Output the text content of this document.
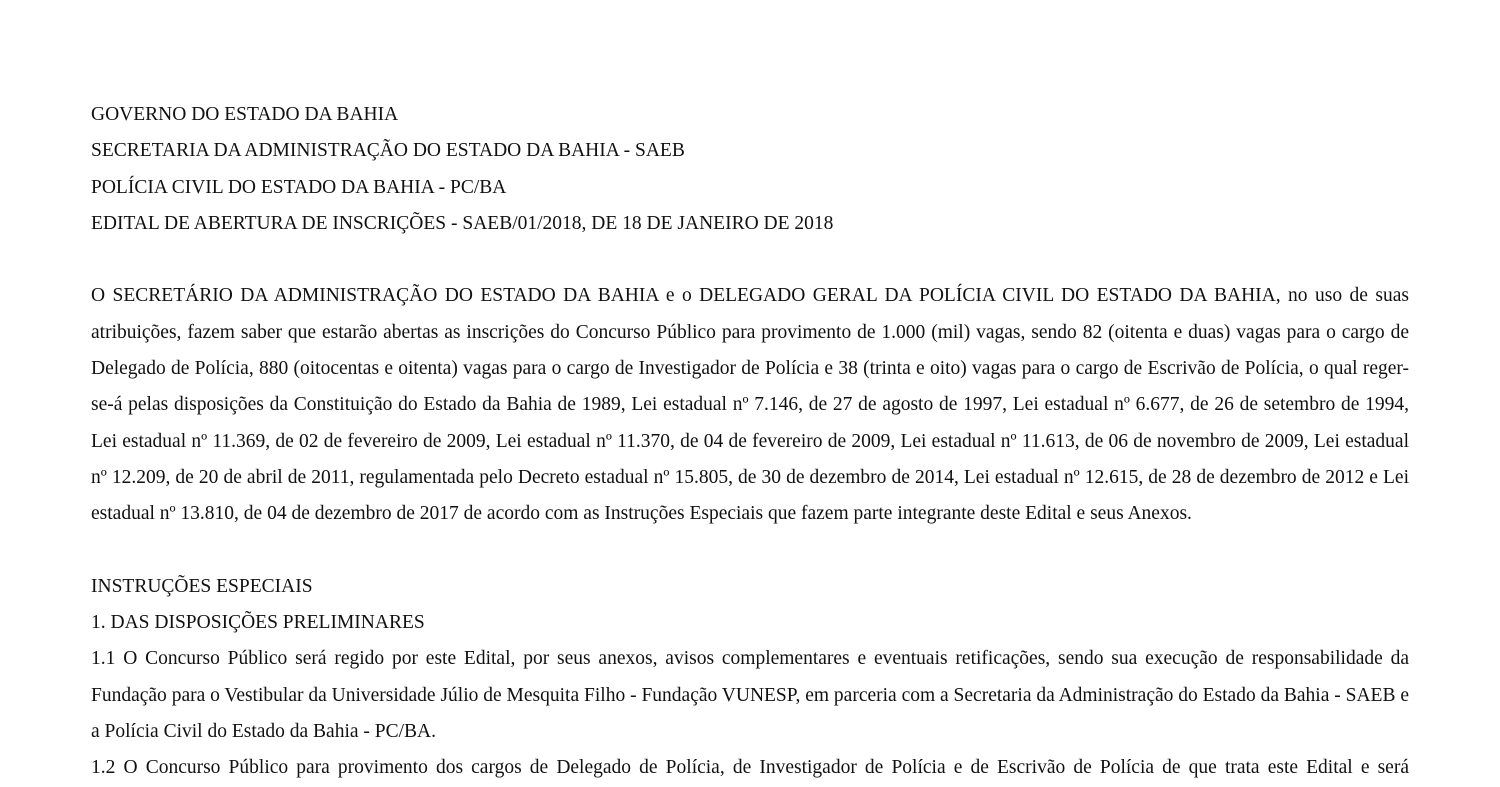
GOVERNO DO ESTADO DA BAHIA
SECRETARIA DA ADMINISTRAÇÃO DO ESTADO DA BAHIA - SAEB
POLÍCIA CIVIL DO ESTADO DA BAHIA - PC/BA
EDITAL DE ABERTURA DE INSCRIÇÕES - SAEB/01/2018, DE 18 DE JANEIRO DE 2018

O SECRETÁRIO DA ADMINISTRAÇÃO DO ESTADO DA BAHIA e o DELEGADO GERAL DA POLÍCIA CIVIL DO ESTADO DA BAHIA, no uso de suas atribuições, fazem saber que estarão abertas as inscrições do Concurso Público para provimento de 1.000 (mil) vagas, sendo 82 (oitenta e duas) vagas para o cargo de Delegado de Polícia, 880 (oitocentas e oitenta) vagas para o cargo de Investigador de Polícia e 38 (trinta e oito) vagas para o cargo de Escrivão de Polícia, o qual reger-se-á pelas disposições da Constituição do Estado da Bahia de 1989, Lei estadual nº 7.146, de 27 de agosto de 1997, Lei estadual nº 6.677, de 26 de setembro de 1994, Lei estadual nº 11.369, de 02 de fevereiro de 2009, Lei estadual nº 11.370, de 04 de fevereiro de 2009, Lei estadual nº 11.613, de 06 de novembro de 2009, Lei estadual nº 12.209, de 20 de abril de 2011, regulamentada pelo Decreto estadual nº 15.805, de 30 de dezembro de 2014, Lei estadual nº 12.615, de 28 de dezembro de 2012 e Lei estadual nº 13.810, de 04 de dezembro de 2017 de acordo com as Instruções Especiais que fazem parte integrante deste Edital e seus Anexos.

INSTRUÇÕES ESPECIAIS
1. DAS DISPOSIÇÕES PRELIMINARES

1.1 O Concurso Público será regido por este Edital, por seus anexos, avisos complementares e eventuais retificações, sendo sua execução de responsabilidade da Fundação para o Vestibular da Universidade Júlio de Mesquita Filho - Fundação VUNESP, em parceria com a Secretaria da Administração do Estado da Bahia - SAEB e a Polícia Civil do Estado da Bahia - PC/BA.

1.2 O Concurso Público para provimento dos cargos de Delegado de Polícia, de Investigador de Polícia e de Escrivão de Polícia de que trata este Edital e será
